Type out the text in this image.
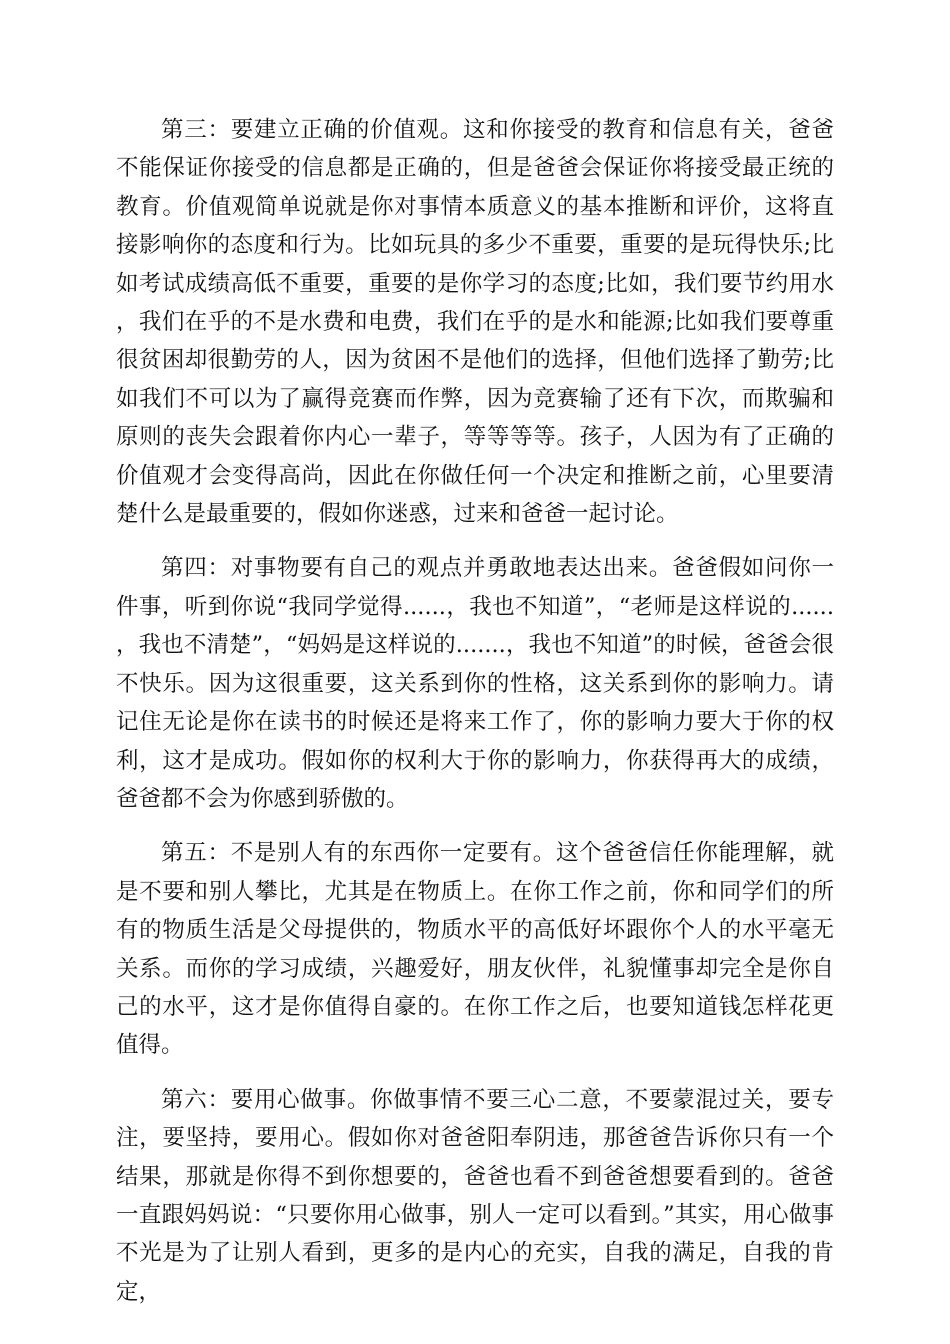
第三：要建立正确的价值观。这和你接受的教育和信息有关，爸爸不能保证你接受的信息都是正确的，但是爸爸会保证你将接受最正统的教育。价值观简单说就是你对事情本质意义的基本推断和评价，这将直接影响你的态度和行为。比如玩具的多少不重要，重要的是玩得快乐;比如考试成绩高低不重要，重要的是你学习的态度;比如，我们要节约用水，我们在乎的不是水费和电费，我们在乎的是水和能源;比如我们要尊重很贫困却很勤劳的人，因为贫困不是他们的选择，但他们选择了勤劳;比如我们不可以为了赢得竞赛而作弊，因为竞赛输了还有下次，而欺骗和原则的丧失会跟着你内心一辈子，等等等等。孩子，人因为有了正确的价值观才会变得高尚，因此在你做任何一个决定和推断之前，心里要清楚什么是最重要的，假如你迷惑，过来和爸爸一起讨论。

第四：对事物要有自己的观点并勇敢地表达出来。爸爸假如问你一件事，听到你说“我同学觉得......，我也不知道”，“老师是这样说的......，我也不清楚”，“妈妈是这样说的.......，我也不知道”的时候，爸爸会很不快乐。因为这很重要，这关系到你的性格，这关系到你的影响力。请记住无论是你在读书的时候还是将来工作了，你的影响力要大于你的权利，这才是成功。假如你的权利大于你的影响力，你获得再大的成绩，爸爸都不会为你感到骄傲的。

第五：不是别人有的东西你一定要有。这个爸爸信任你能理解，就是不要和别人攀比，尤其是在物质上。在你工作之前，你和同学们的所有的物质生活是父母提供的，物质水平的高低好坏跟你个人的水平毫无关系。而你的学习成绩，兴趣爱好，朋友伙伴，礼貌懂事却完全是你自己的水平，这才是你值得自豪的。在你工作之后，也要知道钱怎样花更值得。

第六：要用心做事。你做事情不要三心二意，不要蒙混过关，要专注，要坚持，要用心。假如你对爸爸阳奉阴违，那爸爸告诉你只有一个结果，那就是你得不到你想要的，爸爸也看不到爸爸想要看到的。爸爸一直跟妈妈说：“只要你用心做事，别人一定可以看到。”其实，用心做事不光是为了让别人看到，更多的是内心的充实，自我的满足，自我的肯定，
